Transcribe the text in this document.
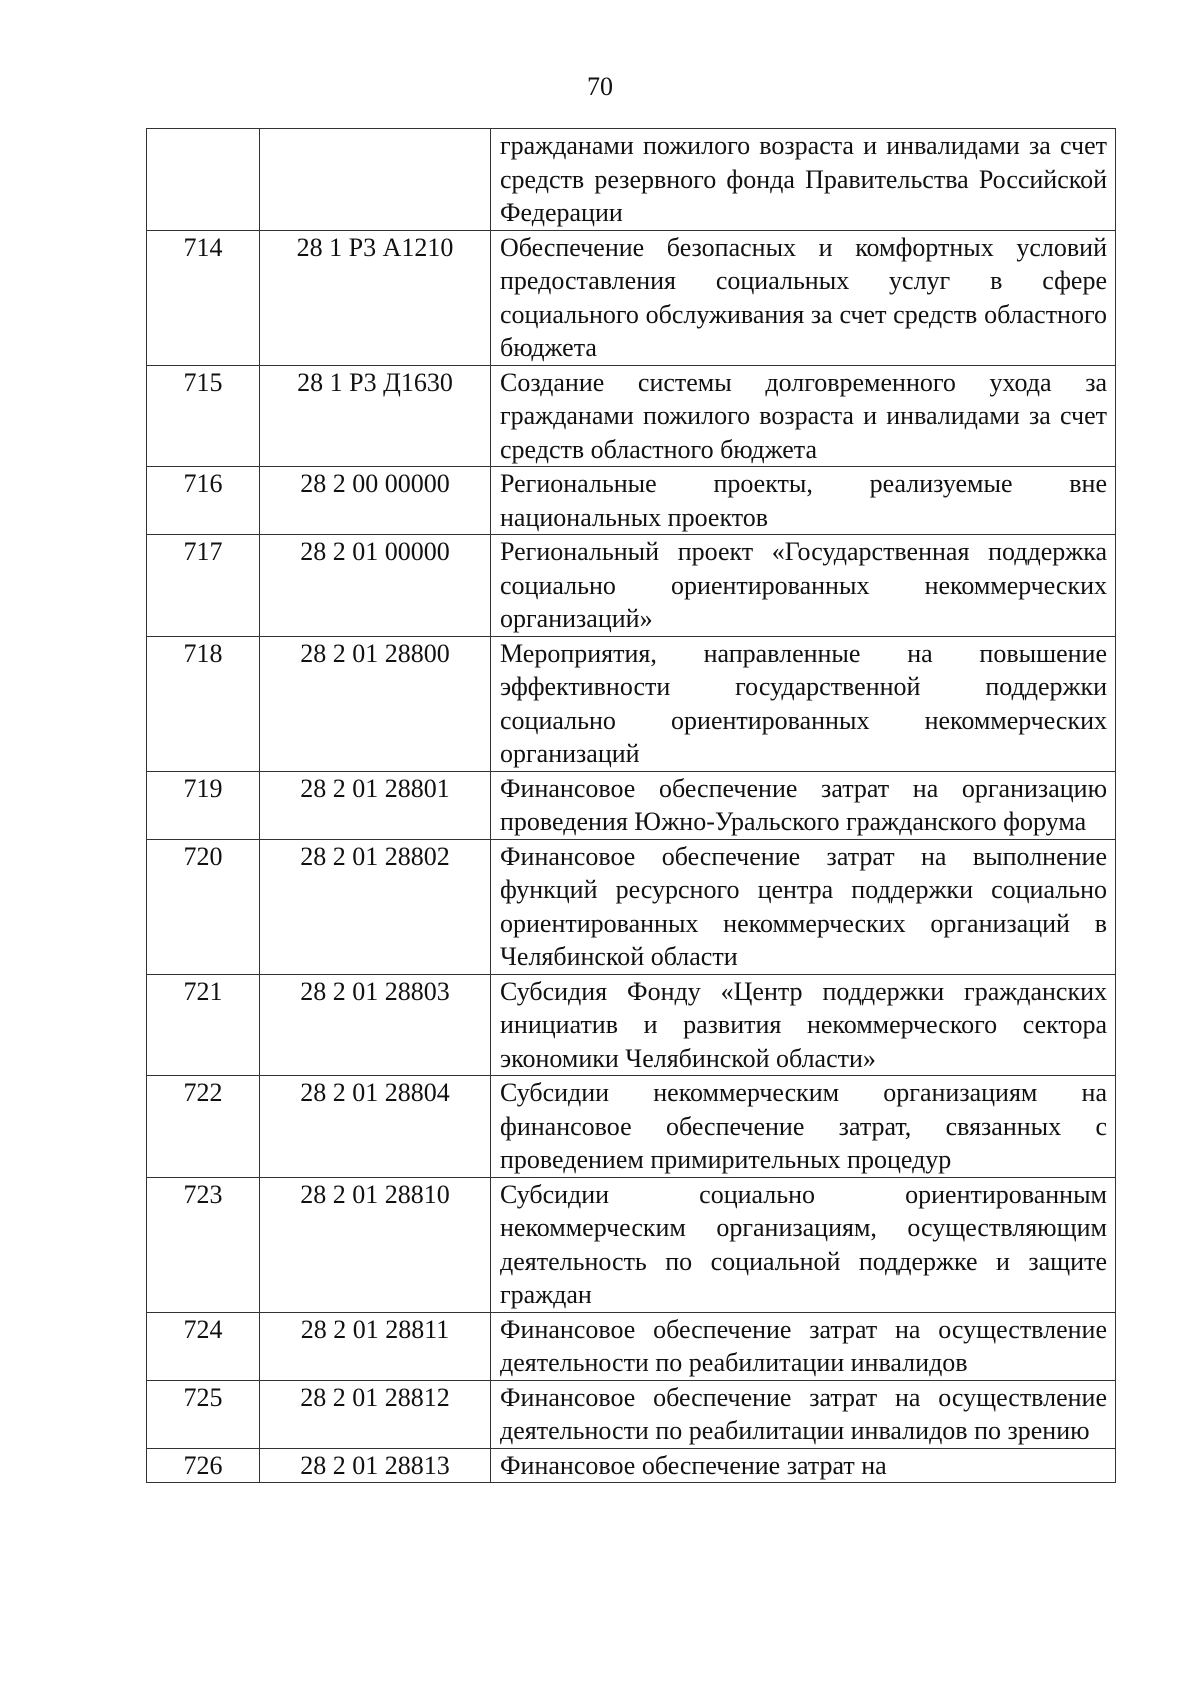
70
		гражданами пожилого возраста и инвалидами за счет средств резервного фонда Правительства Российской Федерации
714	28 1 Р3 А1210	Обеспечение безопасных и комфортных условий предоставления социальных услуг в сфере социального обслуживания за счет средств областного бюджета
715	28 1 Р3 Д1630	Создание системы долговременного ухода за гражданами пожилого возраста и инвалидами за счет средств областного бюджета
716	28 2 00 00000	Региональные проекты, реализуемые вне национальных проектов
717	28 2 01 00000	Региональный проект «Государственная поддержка социально ориентированных некоммерческих организаций»
718	28 2 01 28800	Мероприятия, направленные на повышение эффективности государственной поддержки социально ориентированных некоммерческих организаций
719	28 2 01 28801	Финансовое обеспечение затрат на организацию проведения Южно-Уральского гражданского форума
720	28 2 01 28802	Финансовое обеспечение затрат на выполнение функций ресурсного центра поддержки социально ориентированных некоммерческих организаций в Челябинской области
721	28 2 01 28803	Субсидия Фонду «Центр поддержки гражданских инициатив и развития некоммерческого сектора экономики Челябинской области»
722	28 2 01 28804	Субсидии некоммерческим организациям на финансовое обеспечение затрат, связанных с проведением примирительных процедур
723	28 2 01 28810	Субсидии социально ориентированным некоммерческим организациям, осуществляющим деятельность по социальной поддержке и защите граждан
724	28 2 01 28811	Финансовое обеспечение затрат на осуществление деятельности по реабилитации инвалидов
725	28 2 01 28812	Финансовое обеспечение затрат на осуществление деятельности по реабилитации инвалидов по зрению
726	28 2 01 28813	Финансовое обеспечение затрат на
